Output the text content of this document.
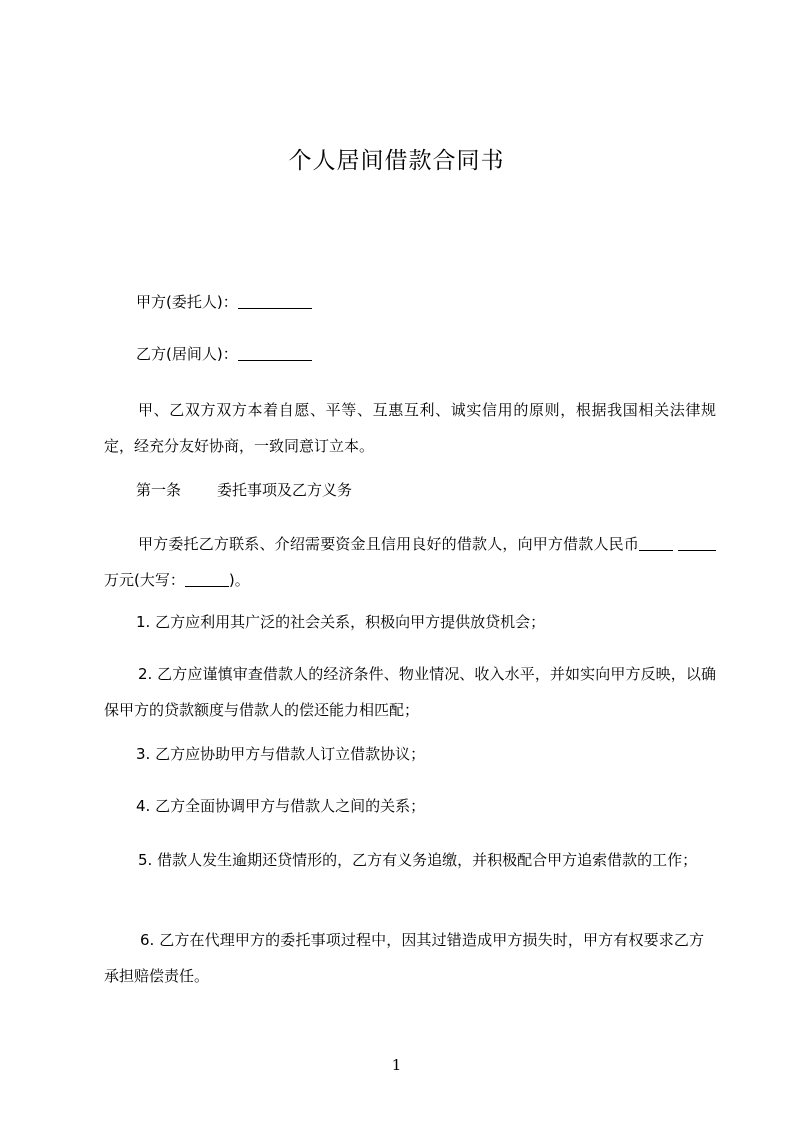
个人居间借款合同书
甲方(委托人)：
乙方(居间人)：
甲、乙双方双方本着自愿、平等、互惠互利、诚实信用的原则，根据我国相关法律规定，经充分友好协商，一致同意订立本。
第一条 委托事项及乙方义务
甲方委托乙方联系、介绍需要资金且信用良好的借款人，向甲方借款人民币 万元(大写：	)。
1. 乙方应利用其广泛的社会关系，积极向甲方提供放贷机会；
2. 乙方应谨慎审查借款人的经济条件、物业情况、收入水平，并如实向甲方反映，以确保甲方的贷款额度与借款人的偿还能力相匹配；
3. 乙方应协助甲方与借款人订立借款协议；
4. 乙方全面协调甲方与借款人之间的关系；
5. 借款人发生逾期还贷情形的，乙方有义务追缴，并积极配合甲方追索借款的工作；
6. 乙方在代理甲方的委托事项过程中，因其过错造成甲方损失时，甲方有权要求乙方承担赔偿责任。
1
